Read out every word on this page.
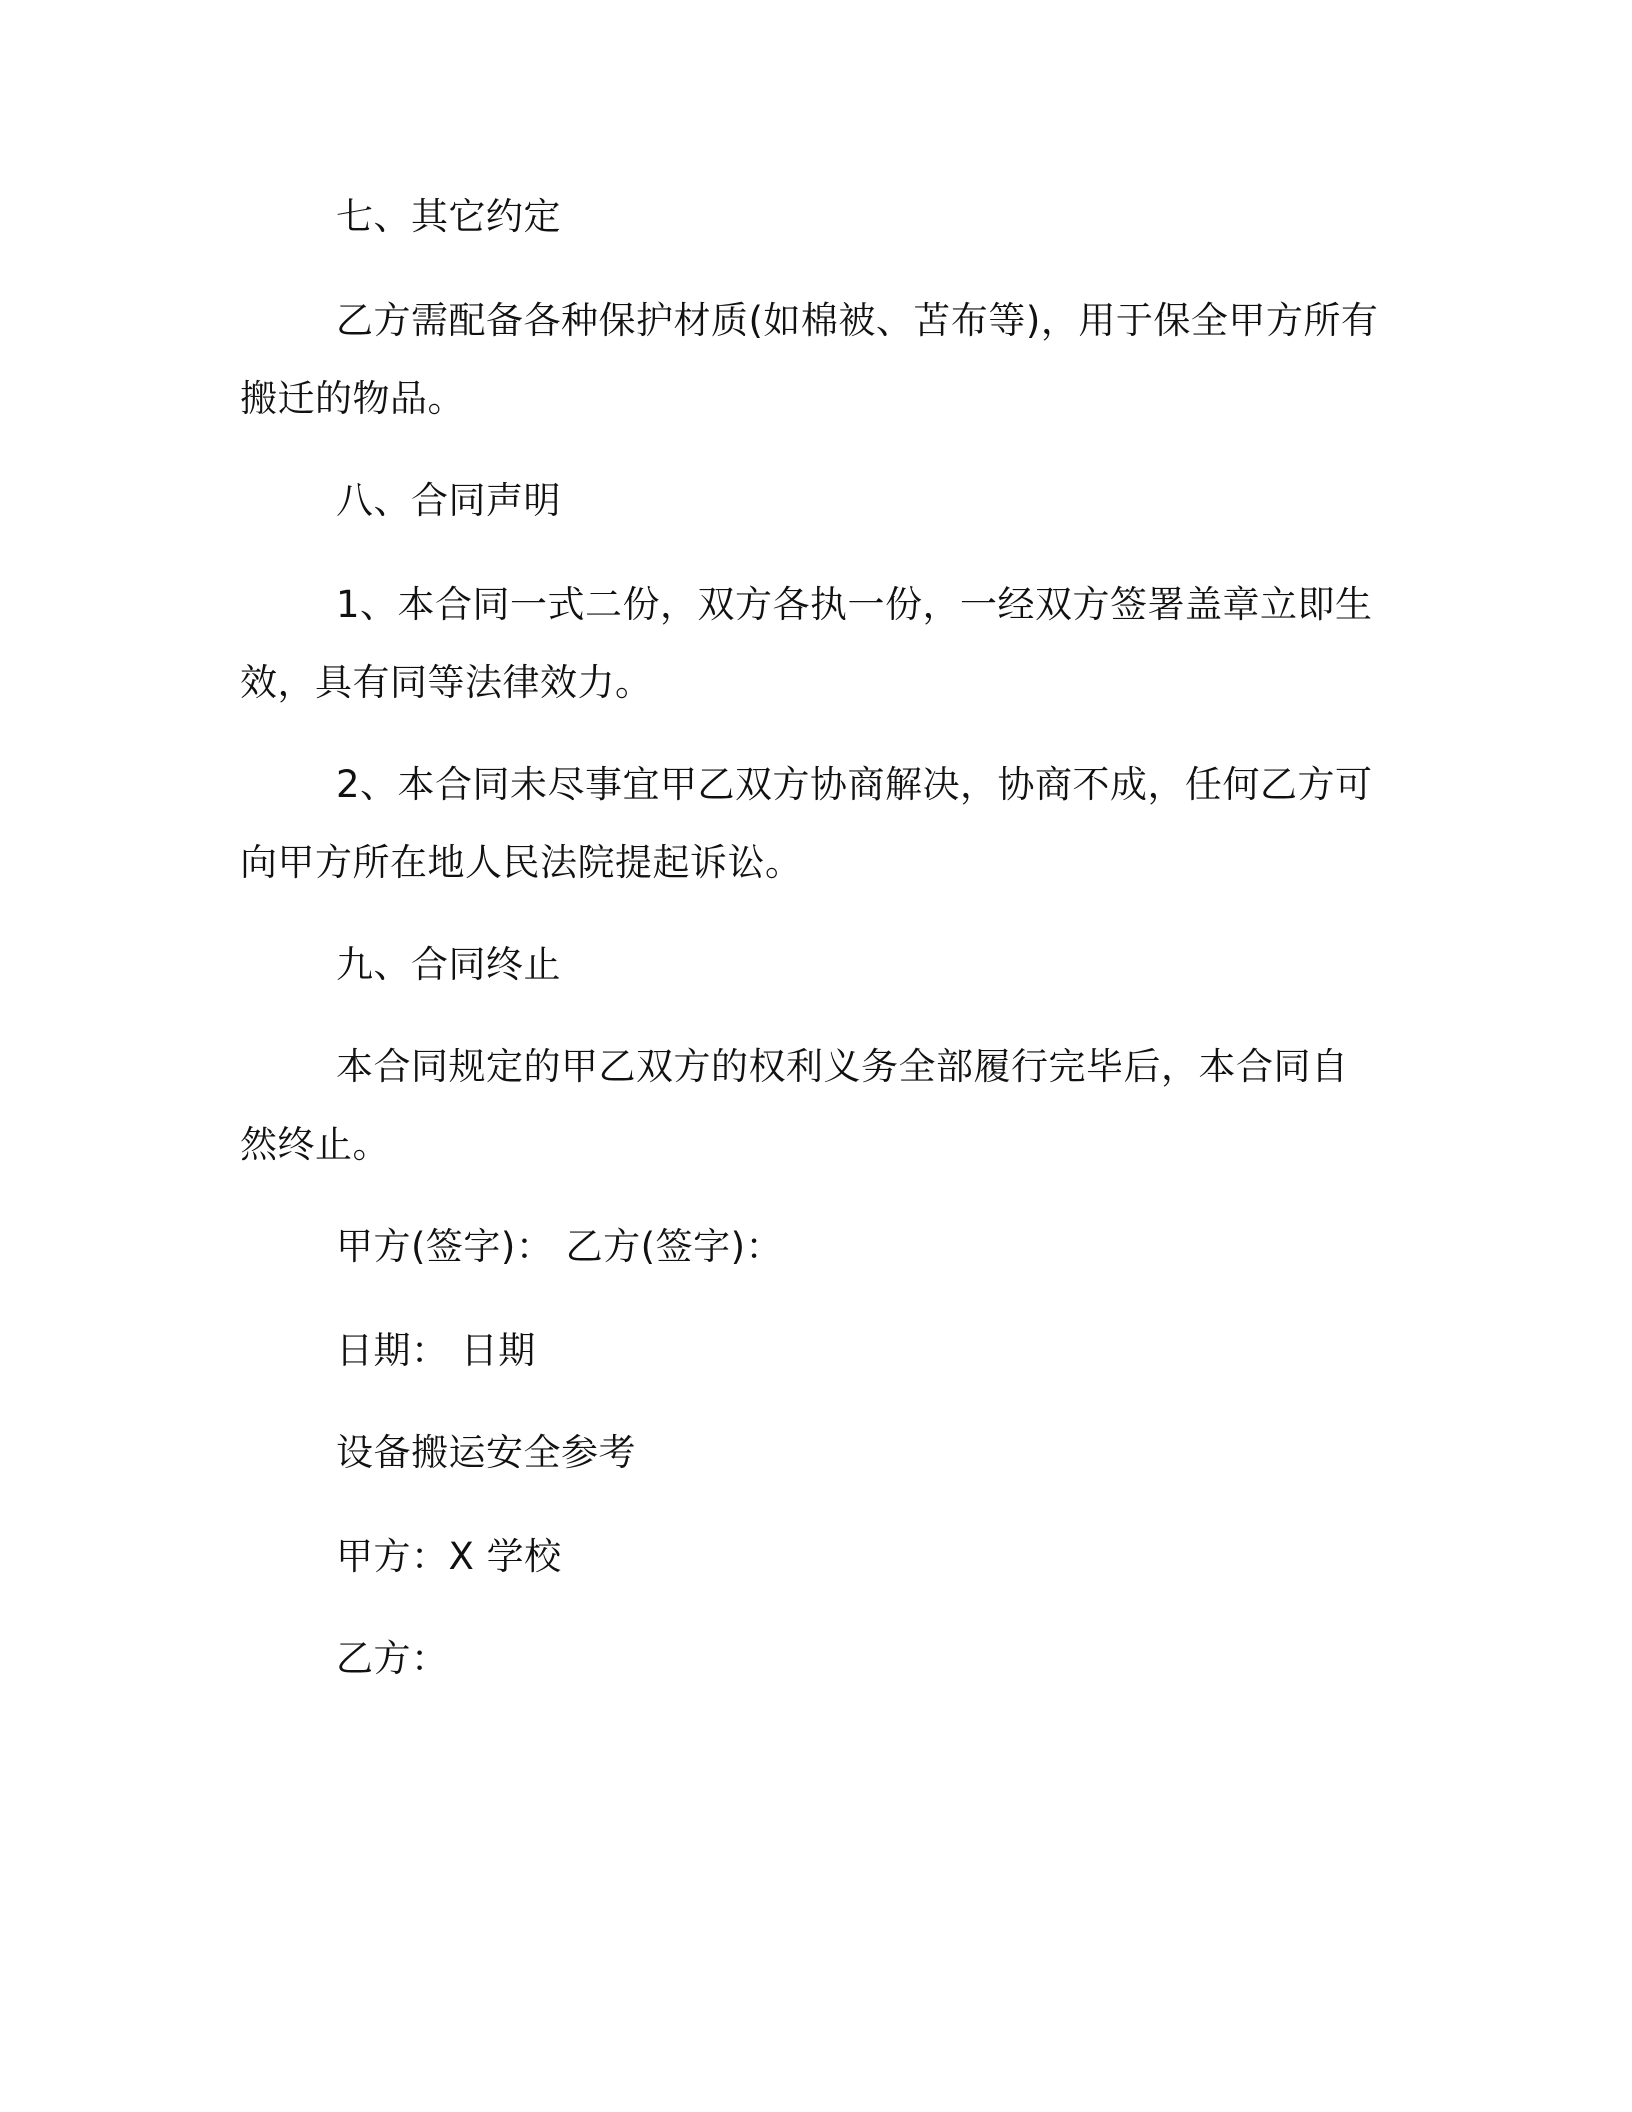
七、其它约定

乙方需配备各种保护材质(如棉被、苫布等)，用于保全甲方所有搬迁的物品。

八、合同声明

1、本合同一式二份，双方各执一份，一经双方签署盖章立即生效，具有同等法律效力。

2、本合同未尽事宜甲乙双方协商解决，协商不成，任何乙方可向甲方所在地人民法院提起诉讼。

九、合同终止

本合同规定的甲乙双方的权利义务全部履行完毕后，本合同自然终止。

甲方(签字)： 乙方(签字)：

日期： 日期

设备搬运安全参考

甲方：X 学校

乙方：
